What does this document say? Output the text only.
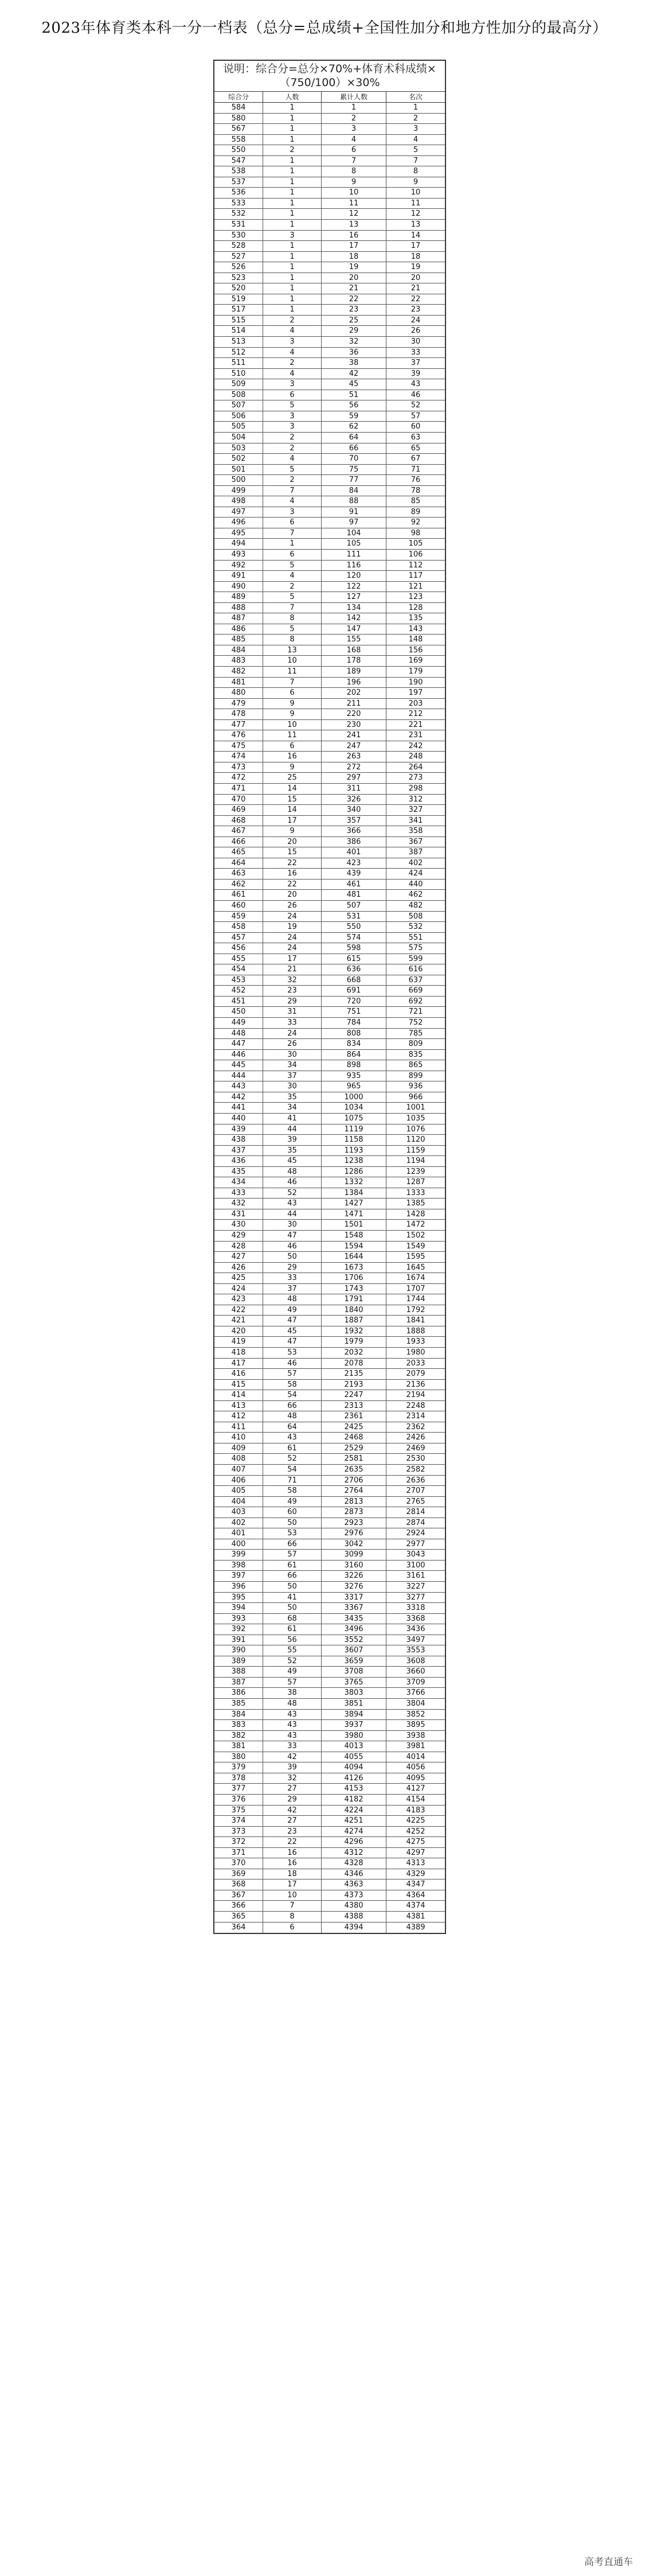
2023年体育类本科一分一档表（总分=总成绩+全国性加分和地方性加分的最高分）
说明：综合分=总分×70%+体育术科成绩×（750/100）×30%
综合分	人数	累计人数	名次
584	1	1	1
580	1	2	2
567	1	3	3
558	1	4	4
550	2	6	5
547	1	7	7
538	1	8	8
537	1	9	9
536	1	10	10
533	1	11	11
532	1	12	12
531	1	13	13
530	3	16	14
528	1	17	17
527	1	18	18
526	1	19	19
523	1	20	20
520	1	21	21
519	1	22	22
517	1	23	23
515	2	25	24
514	4	29	26
513	3	32	30
512	4	36	33
511	2	38	37
510	4	42	39
509	3	45	43
508	6	51	46
507	5	56	52
506	3	59	57
505	3	62	60
504	2	64	63
503	2	66	65
502	4	70	67
501	5	75	71
500	2	77	76
499	7	84	78
498	4	88	85
497	3	91	89
496	6	97	92
495	7	104	98
494	1	105	105
493	6	111	106
492	5	116	112
491	4	120	117
490	2	122	121
489	5	127	123
488	7	134	128
487	8	142	135
486	5	147	143
485	8	155	148
484	13	168	156
483	10	178	169
482	11	189	179
481	7	196	190
480	6	202	197
479	9	211	203
478	9	220	212
477	10	230	221
476	11	241	231
475	6	247	242
474	16	263	248
473	9	272	264
472	25	297	273
471	14	311	298
470	15	326	312
469	14	340	327
468	17	357	341
467	9	366	358
466	20	386	367
465	15	401	387
464	22	423	402
463	16	439	424
462	22	461	440
461	20	481	462
460	26	507	482
459	24	531	508
458	19	550	532
457	24	574	551
456	24	598	575
455	17	615	599
454	21	636	616
453	32	668	637
452	23	691	669
451	29	720	692
450	31	751	721
449	33	784	752
448	24	808	785
447	26	834	809
446	30	864	835
445	34	898	865
444	37	935	899
443	30	965	936
442	35	1000	966
441	34	1034	1001
440	41	1075	1035
439	44	1119	1076
438	39	1158	1120
437	35	1193	1159
436	45	1238	1194
435	48	1286	1239
434	46	1332	1287
433	52	1384	1333
432	43	1427	1385
431	44	1471	1428
430	30	1501	1472
429	47	1548	1502
428	46	1594	1549
427	50	1644	1595
426	29	1673	1645
425	33	1706	1674
424	37	1743	1707
423	48	1791	1744
422	49	1840	1792
421	47	1887	1841
420	45	1932	1888
419	47	1979	1933
418	53	2032	1980
417	46	2078	2033
416	57	2135	2079
415	58	2193	2136
414	54	2247	2194
413	66	2313	2248
412	48	2361	2314
411	64	2425	2362
410	43	2468	2426
409	61	2529	2469
408	52	2581	2530
407	54	2635	2582
406	71	2706	2636
405	58	2764	2707
404	49	2813	2765
403	60	2873	2814
402	50	2923	2874
401	53	2976	2924
400	66	3042	2977
399	57	3099	3043
398	61	3160	3100
397	66	3226	3161
396	50	3276	3227
395	41	3317	3277
394	50	3367	3318
393	68	3435	3368
392	61	3496	3436
391	56	3552	3497
390	55	3607	3553
389	52	3659	3608
388	49	3708	3660
387	57	3765	3709
386	38	3803	3766
385	48	3851	3804
384	43	3894	3852
383	43	3937	3895
382	43	3980	3938
381	33	4013	3981
380	42	4055	4014
379	39	4094	4056
378	32	4126	4095
377	27	4153	4127
376	29	4182	4154
375	42	4224	4183
374	27	4251	4225
373	23	4274	4252
372	22	4296	4275
371	16	4312	4297
370	16	4328	4313
369	18	4346	4329
368	17	4363	4347
367	10	4373	4364
366	7	4380	4374
365	8	4388	4381
364	6	4394	4389
高考直通车
